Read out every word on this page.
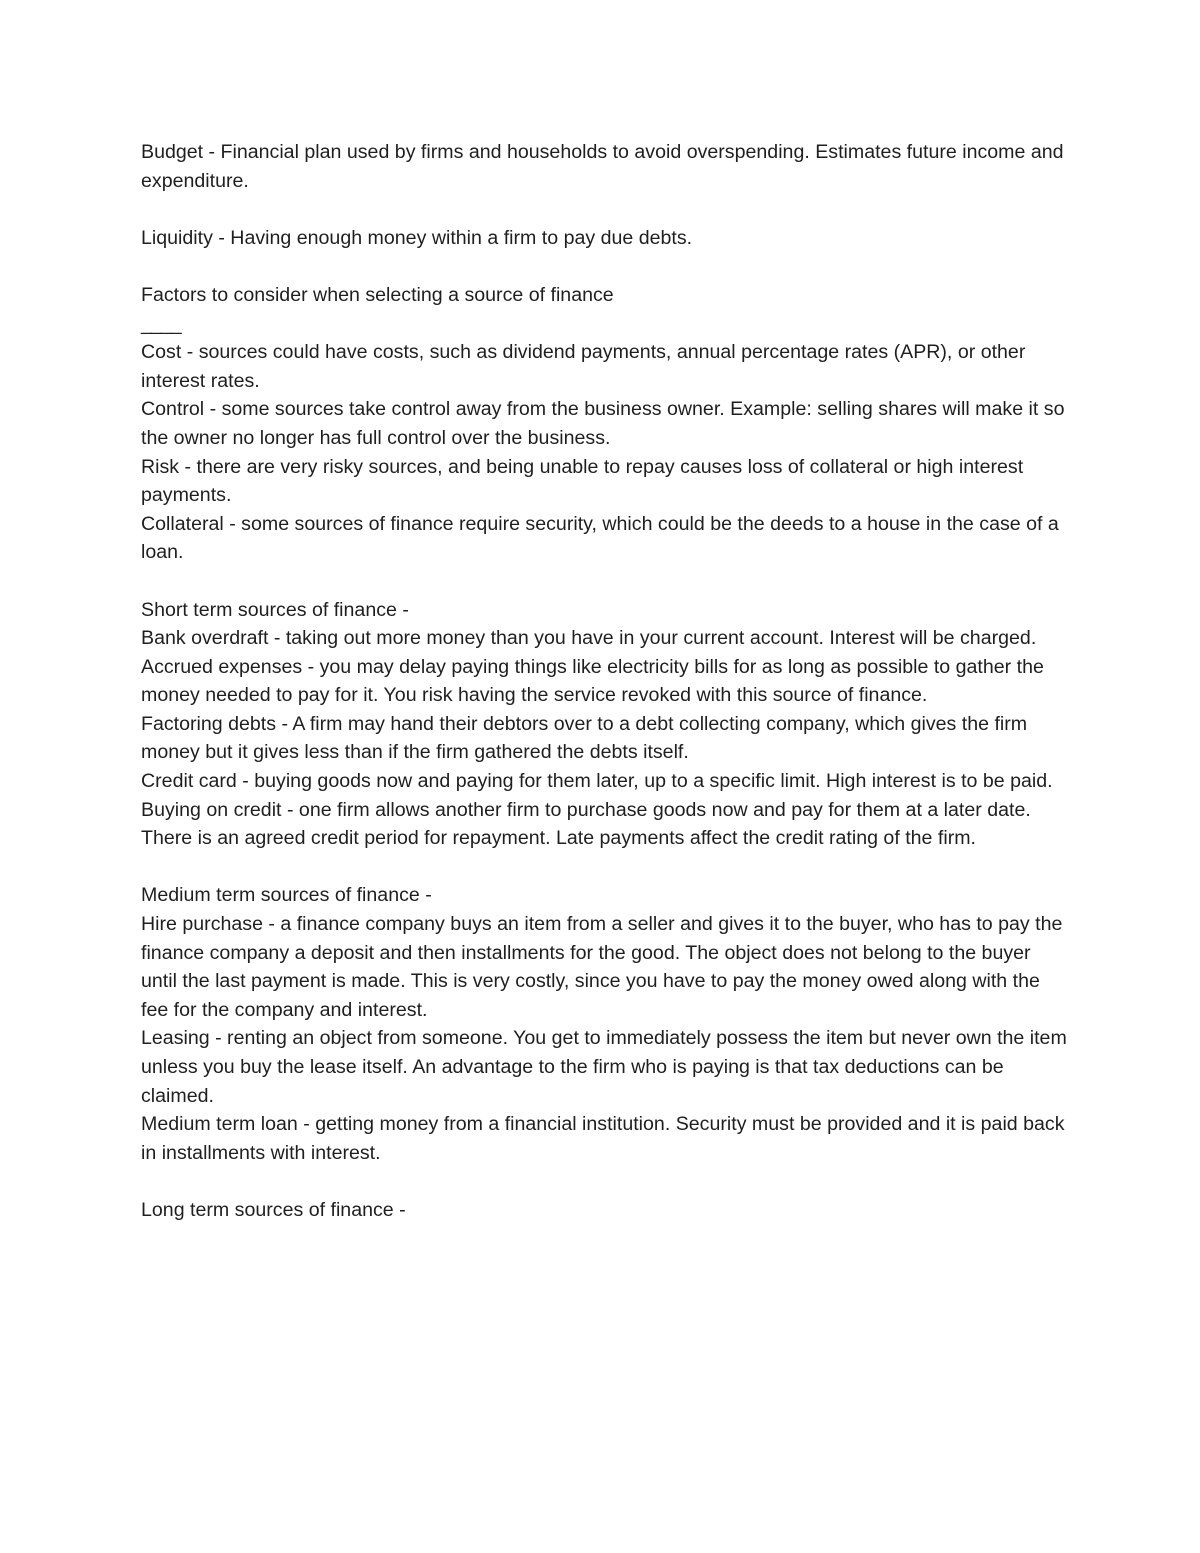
Budget - Financial plan used by firms and households to avoid overspending. Estimates future income and expenditure.

Liquidity - Having enough money within a firm to pay due debts.

Factors to consider when selecting a source of finance

____

Cost - sources could have costs, such as dividend payments, annual percentage rates (APR), or other interest rates.

Control - some sources take control away from the business owner. Example: selling shares will make it so the owner no longer has full control over the business.

Risk - there are very risky sources, and being unable to repay causes loss of collateral or high interest payments.

Collateral - some sources of finance require security, which could be the deeds to a house in the case of a loan.

Short term sources of finance -

Bank overdraft - taking out more money than you have in your current account. Interest will be charged.

Accrued expenses - you may delay paying things like electricity bills for as long as possible to gather the money needed to pay for it. You risk having the service revoked with this source of finance.

Factoring debts - A firm may hand their debtors over to a debt collecting company, which gives the firm money but it gives less than if the firm gathered the debts itself.

Credit card - buying goods now and paying for them later, up to a specific limit. High interest is to be paid.

Buying on credit - one firm allows another firm to purchase goods now and pay for them at a later date. There is an agreed credit period for repayment. Late payments affect the credit rating of the firm.

Medium term sources of finance -

Hire purchase - a finance company buys an item from a seller and gives it to the buyer, who has to pay the finance company a deposit and then installments for the good. The object does not belong to the buyer until the last payment is made. This is very costly, since you have to pay the money owed along with the fee for the company and interest.

Leasing - renting an object from someone. You get to immediately possess the item but never own the item unless you buy the lease itself. An advantage to the firm who is paying is that tax deductions can be claimed.

Medium term loan - getting money from a financial institution. Security must be provided and it is paid back in installments with interest.

Long term sources of finance -
